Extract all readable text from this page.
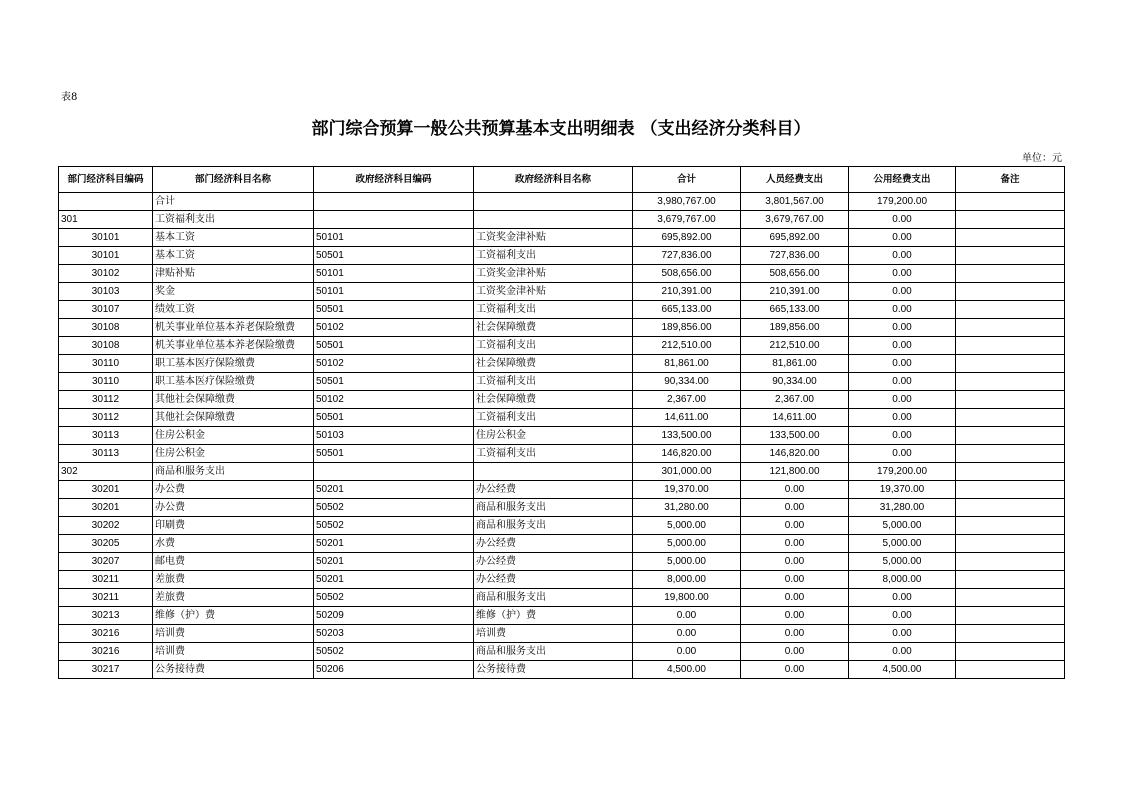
表8
部门综合预算一般公共预算基本支出明细表 （支出经济分类科目）
单位：元
部门经济科目编码	部门经济科目名称	政府经济科目编码	政府经济科目名称	合计	人员经费支出	公用经费支出	备注
	合计			3,980,767.00	3,801,567.00	179,200.00	
301	工资福利支出			3,679,767.00	3,679,767.00	0.00	
30101	基本工资	50101	工资奖金津补贴	695,892.00	695,892.00	0.00	
30101	基本工资	50501	工资福利支出	727,836.00	727,836.00	0.00	
30102	津贴补贴	50101	工资奖金津补贴	508,656.00	508,656.00	0.00	
30103	奖金	50101	工资奖金津补贴	210,391.00	210,391.00	0.00	
30107	绩效工资	50501	工资福利支出	665,133.00	665,133.00	0.00	
30108	机关事业单位基本养老保险缴费	50102	社会保障缴费	189,856.00	189,856.00	0.00	
30108	机关事业单位基本养老保险缴费	50501	工资福利支出	212,510.00	212,510.00	0.00	
30110	职工基本医疗保险缴费	50102	社会保障缴费	81,861.00	81,861.00	0.00	
30110	职工基本医疗保险缴费	50501	工资福利支出	90,334.00	90,334.00	0.00	
30112	其他社会保障缴费	50102	社会保障缴费	2,367.00	2,367.00	0.00	
30112	其他社会保障缴费	50501	工资福利支出	14,611.00	14,611.00	0.00	
30113	住房公积金	50103	住房公积金	133,500.00	133,500.00	0.00	
30113	住房公积金	50501	工资福利支出	146,820.00	146,820.00	0.00	
302	商品和服务支出			301,000.00	121,800.00	179,200.00	
30201	办公费	50201	办公经费	19,370.00	0.00	19,370.00	
30201	办公费	50502	商品和服务支出	31,280.00	0.00	31,280.00	
30202	印刷费	50502	商品和服务支出	5,000.00	0.00	5,000.00	
30205	水费	50201	办公经费	5,000.00	0.00	5,000.00	
30207	邮电费	50201	办公经费	5,000.00	0.00	5,000.00	
30211	差旅费	50201	办公经费	8,000.00	0.00	8,000.00	
30211	差旅费	50502	商品和服务支出	19,800.00	0.00	0.00	
30213	维修（护）费	50209	维修（护）费	0.00	0.00	0.00	
30216	培训费	50203	培训费	0.00	0.00	0.00	
30216	培训费	50502	商品和服务支出	0.00	0.00	0.00	
30217	公务接待费	50206	公务接待费	4,500.00	0.00	4,500.00	
